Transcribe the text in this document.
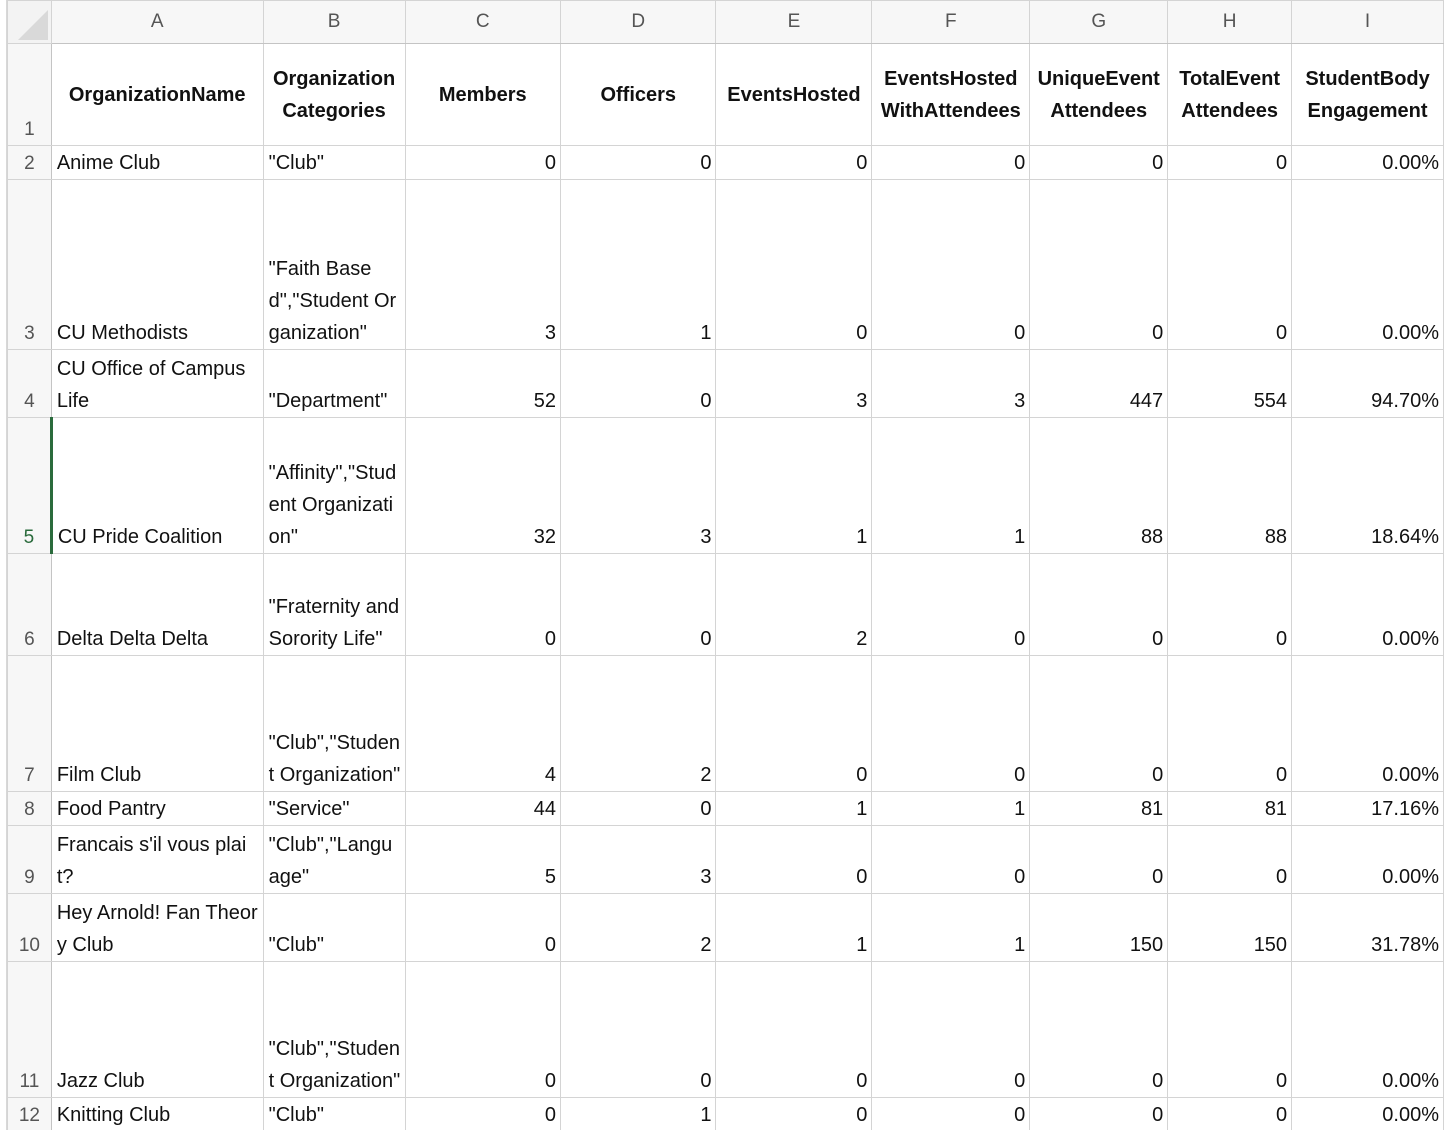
	A	B	C	D	E	F	G	H	I
1	OrganizationName	Organization Categories	Members	Officers	EventsHosted	EventsHosted WithAttendees	UniqueEvent Attendees	TotalEvent Attendees	StudentBody Engagement
2	Anime Club	"Club"	0	0	0	0	0	0	0.00%
3	CU Methodists	"Faith Based","Student Organization"	3	1	0	0	0	0	0.00%
4	CU Office of Campus Life	"Department"	52	0	3	3	447	554	94.70%
5	CU Pride Coalition	"Affinity","Student Organization"	32	3	1	1	88	88	18.64%
6	Delta Delta Delta	"Fraternity and Sorority Life"	0	0	2	0	0	0	0.00%
7	Film Club	"Club","Student Organization"	4	2	0	0	0	0	0.00%
8	Food Pantry	"Service"	44	0	1	1	81	81	17.16%
9	Francais s'il vous plait?	"Club","Language"	5	3	0	0	0	0	0.00%
10	Hey Arnold! Fan Theory Club	"Club"	0	2	1	1	150	150	31.78%
11	Jazz Club	"Club","Student Organization"	0	0	0	0	0	0	0.00%
12	Knitting Club	"Club"	0	1	0	0	0	0	0.00%
